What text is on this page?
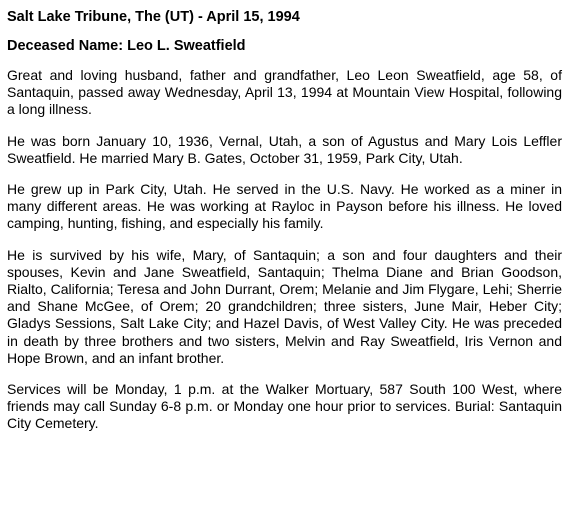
Salt Lake Tribune, The (UT) - April 15, 1994
Deceased Name: Leo L. Sweatfield

Great and loving husband, father and grandfather, Leo Leon Sweatfield, age 58, of Santaquin, passed away Wednesday, April 13, 1994 at Mountain View Hospital, following a long illness.

He was born January 10, 1936, Vernal, Utah, a son of Agustus and Mary Lois Leffler Sweatfield. He married Mary B. Gates, October 31, 1959, Park City, Utah.

He grew up in Park City, Utah. He served in the U.S. Navy. He worked as a miner in many different areas. He was working at Rayloc in Payson before his illness. He loved camping, hunting, fishing, and especially his family.

He is survived by his wife, Mary, of Santaquin; a son and four daughters and their spouses, Kevin and Jane Sweatfield, Santaquin; Thelma Diane and Brian Goodson, Rialto, California; Teresa and John Durrant, Orem; Melanie and Jim Flygare, Lehi; Sherrie and Shane McGee, of Orem; 20 grandchildren; three sisters, June Mair, Heber City; Gladys Sessions, Salt Lake City; and Hazel Davis, of West Valley City. He was preceded in death by three brothers and two sisters, Melvin and Ray Sweatfield, Iris Vernon and Hope Brown, and an infant brother.

Services will be Monday, 1 p.m. at the Walker Mortuary, 587 South 100 West, where friends may call Sunday 6-8 p.m. or Monday one hour prior to services. Burial: Santaquin City Cemetery.
